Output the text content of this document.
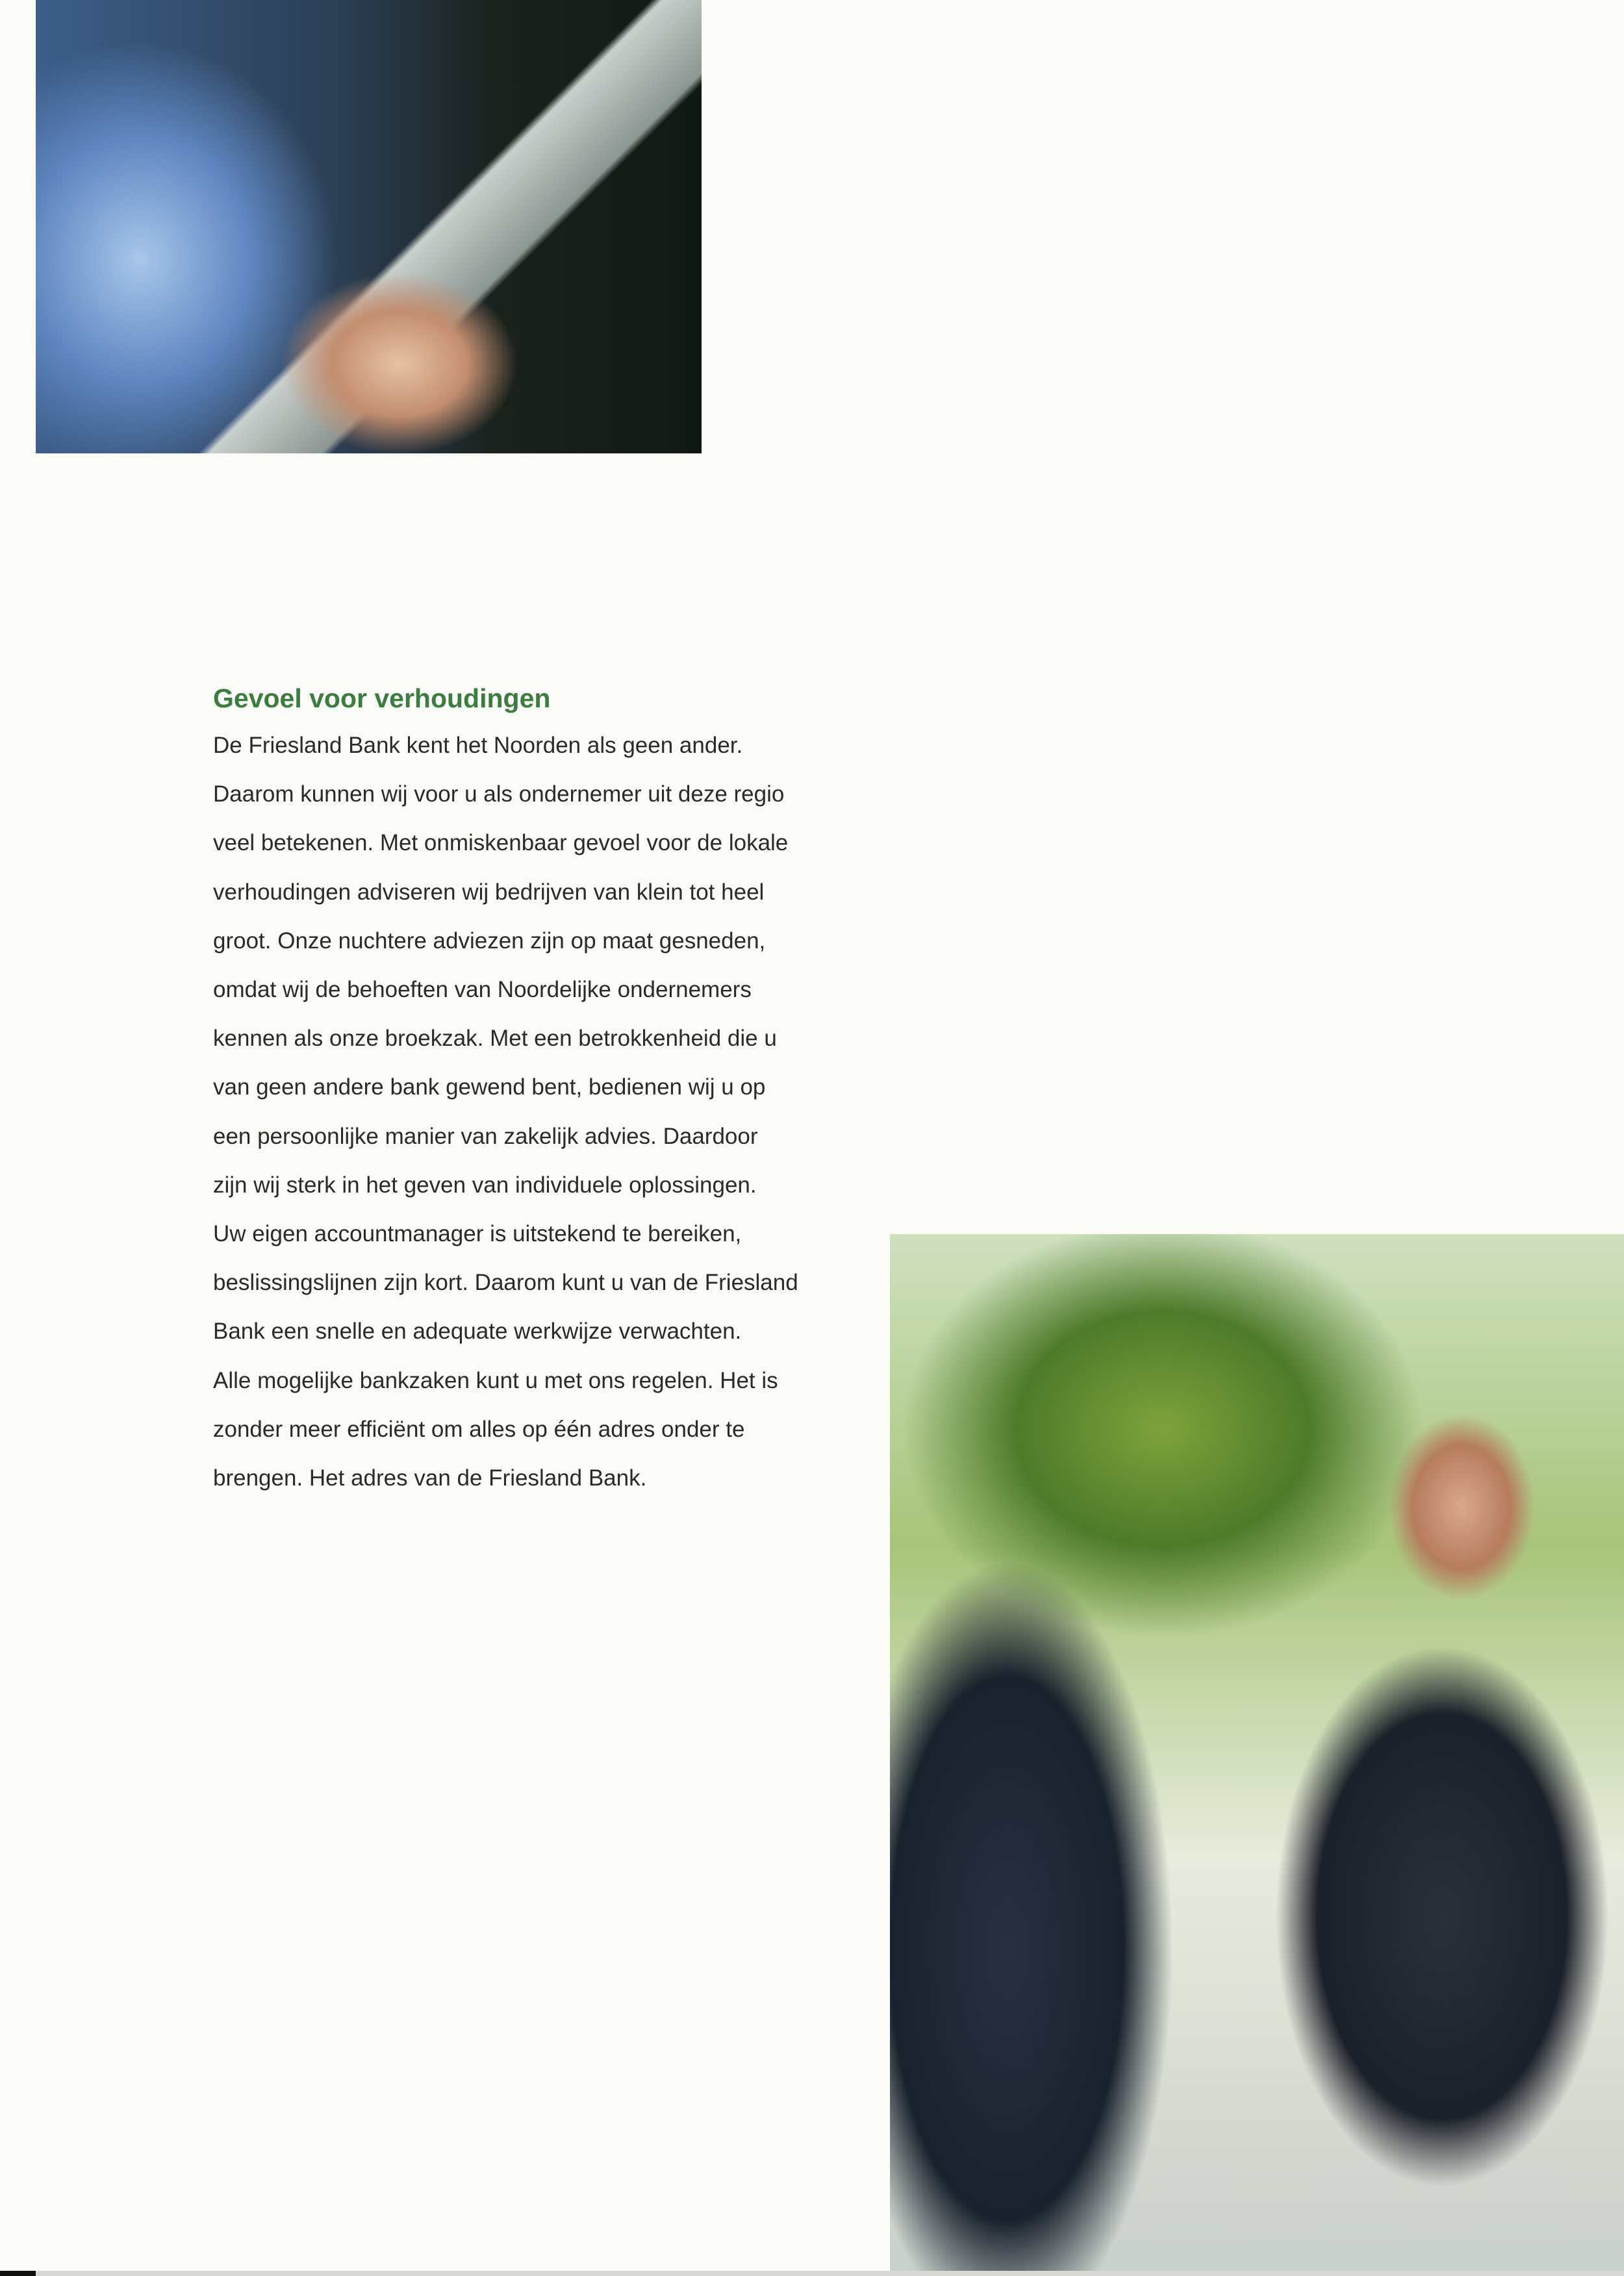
Gevoel voor verhoudingen
De Friesland Bank kent het Noorden als geen ander.
Daarom kunnen wij voor u als ondernemer uit deze regio
veel betekenen. Met onmiskenbaar gevoel voor de lokale
verhoudingen adviseren wij bedrijven van klein tot heel
groot. Onze nuchtere adviezen zijn op maat gesneden,
omdat wij de behoeften van Noordelijke ondernemers
kennen als onze broekzak. Met een betrokkenheid die u
van geen andere bank gewend bent, bedienen wij u op
een persoonlijke manier van zakelijk advies. Daardoor
zijn wij sterk in het geven van individuele oplossingen.
Uw eigen accountmanager is uitstekend te bereiken,
beslissingslijnen zijn kort. Daarom kunt u van de Friesland
Bank een snelle en adequate werkwijze verwachten.
Alle mogelijke bankzaken kunt u met ons regelen. Het is
zonder meer efficiënt om alles op één adres onder te
brengen. Het adres van de Friesland Bank.
